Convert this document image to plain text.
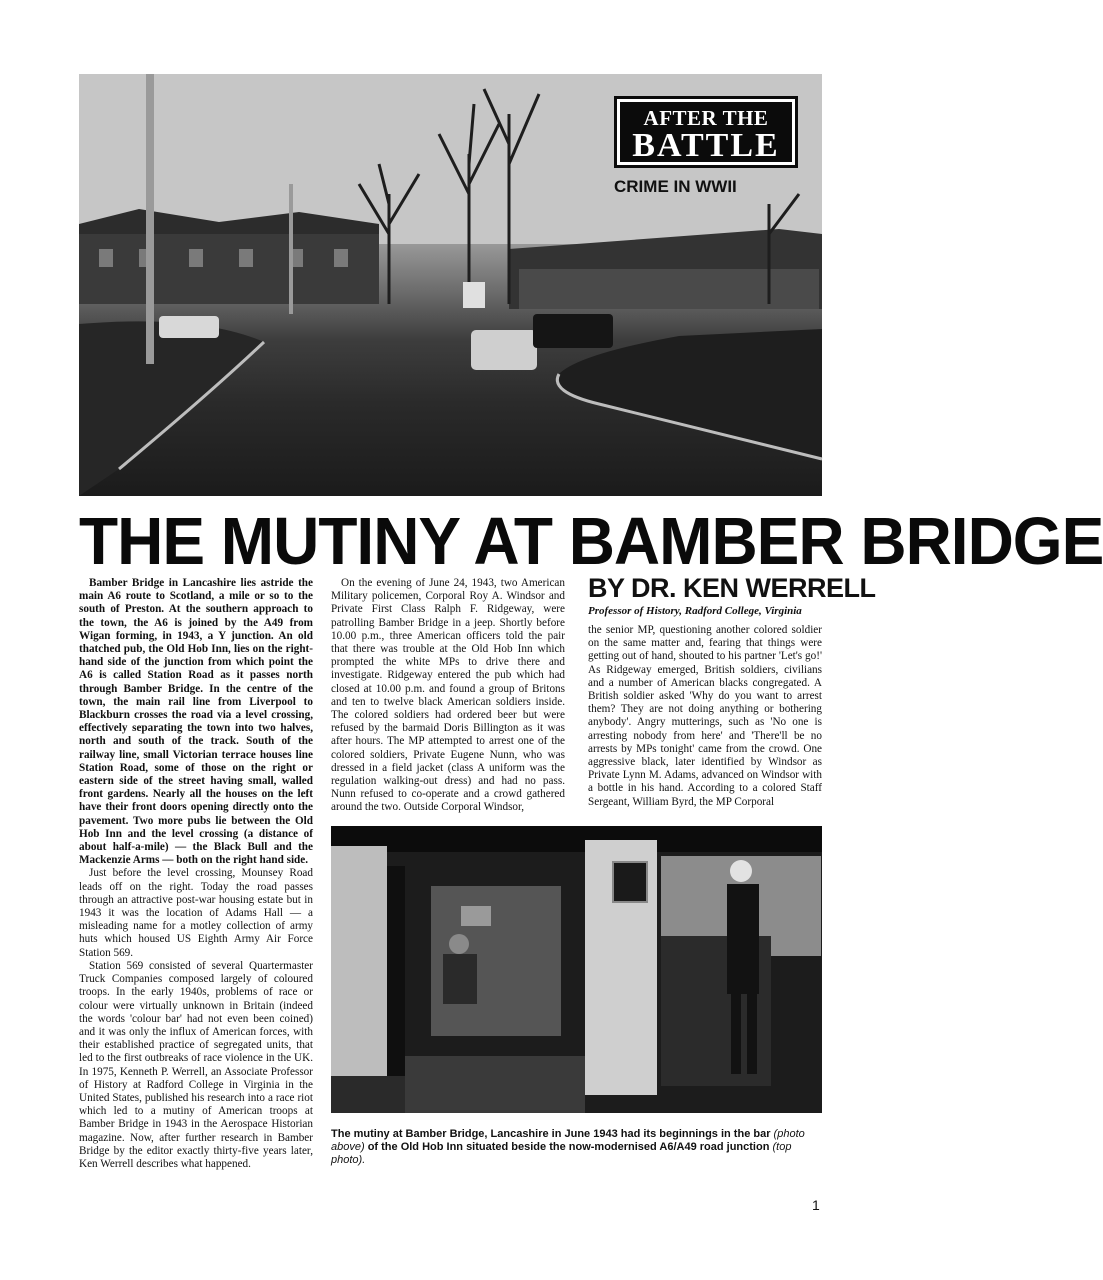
AFTER THE
BATTLE
CRIME IN WWII
THE MUTINY AT BAMBER BRIDGE

Bamber Bridge in Lancashire lies astride the main A6 route to Scotland, a mile or so to the south of Preston. At the southern approach to the town, the A6 is joined by the A49 from Wigan forming, in 1943, a Y junction. An old thatched pub, the Old Hob Inn, lies on the right-hand side of the junction from which point the A6 is called Station Road as it passes north through Bamber Bridge. In the centre of the town, the main rail line from Liverpool to Blackburn crosses the road via a level crossing, effectively separating the town into two halves, north and south of the track. South of the railway line, small Victorian terrace houses line Station Road, some of those on the right or eastern side of the street having small, walled front gardens. Nearly all the houses on the left have their front doors opening directly onto the pavement. Two more pubs lie between the Old Hob Inn and the level crossing (a distance of about half-a-mile) — the Black Bull and the Mackenzie Arms — both on the right hand side.

Just before the level crossing, Mounsey Road leads off on the right. Today the road passes through an attractive post-war housing estate but in 1943 it was the location of Adams Hall — a misleading name for a motley collection of army huts which housed US Eighth Army Air Force Station 569.

Station 569 consisted of several Quartermaster Truck Companies composed largely of coloured troops. In the early 1940s, problems of race or colour were virtually unknown in Britain (indeed the words 'colour bar' had not even been coined) and it was only the influx of American forces, with their established practice of segregated units, that led to the first outbreaks of race violence in the UK. In 1975, Kenneth P. Werrell, an Associate Professor of History at Radford College in Virginia in the United States, published his research into a race riot which led to a mutiny of American troops at Bamber Bridge in 1943 in the Aerospace Historian magazine. Now, after further research in Bamber Bridge by the editor exactly thirty-five years later, Ken Werrell describes what happened.

On the evening of June 24, 1943, two American Military policemen, Corporal Roy A. Windsor and Private First Class Ralph F. Ridgeway, were patrolling Bamber Bridge in a jeep. Shortly before 10.00 p.m., three American officers told the pair that there was trouble at the Old Hob Inn which prompted the white MPs to drive there and investigate. Ridgeway entered the pub which had closed at 10.00 p.m. and found a group of Britons and ten to twelve black American soldiers inside. The colored soldiers had ordered beer but were refused by the barmaid Doris Billington as it was after hours. The MP attempted to arrest one of the colored soldiers, Private Eugene Nunn, who was dressed in a field jacket (class A uniform was the regulation walking-out dress) and had no pass. Nunn refused to co-operate and a crowd gathered around the two. Outside Corporal Windsor,

BY DR. KEN WERRELL
Professor of History, Radford College, Virginia

the senior MP, questioning another colored soldier on the same matter and, fearing that things were getting out of hand, shouted to his partner 'Let's go!' As Ridgeway emerged, British soldiers, civilians and a number of American blacks congregated. A British soldier asked 'Why do you want to arrest them? They are not doing anything or bothering anybody'. Angry mutterings, such as 'No one is arresting nobody from here' and 'There'll be no arrests by MPs tonight' came from the crowd. One aggressive black, later identified by Windsor as Private Lynn M. Adams, advanced on Windsor with a bottle in his hand. According to a colored Staff Sergeant, William Byrd, the MP Corporal

The mutiny at Bamber Bridge, Lancashire in June 1943 had its beginnings in the bar (photo above) of the Old Hob Inn situated beside the now-modernised A6/A49 road junction (top photo).

1
